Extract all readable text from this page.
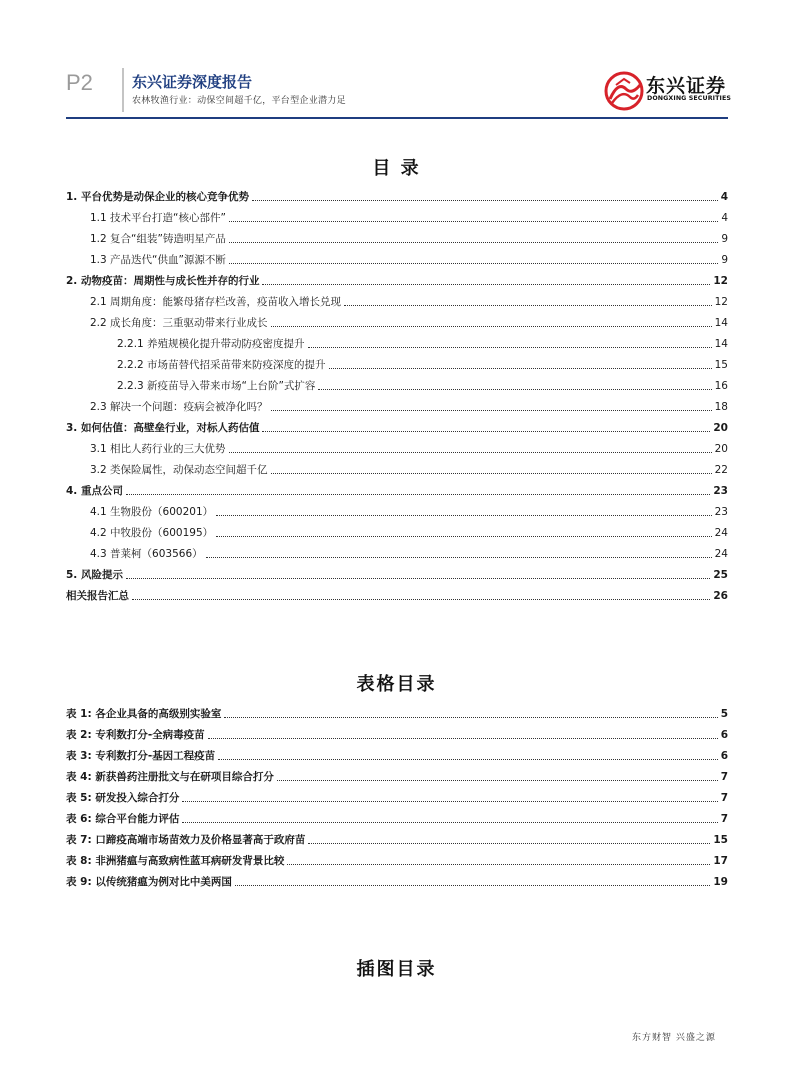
P2	东兴证券深度报告
农林牧渔行业：动保空间超千亿，平台型企业潜力足
东兴证券
DONGXING SECURITIES
目 录
1. 平台优势是动保企业的核心竞争优势	4
1.1 技术平台打造“核心部件”	4
1.2 复合“组装”铸造明星产品	9
1.3 产品迭代“供血”源源不断	9
2. 动物疫苗：周期性与成长性并存的行业	12
2.1 周期角度：能繁母猪存栏改善，疫苗收入增长兑现	12
2.2 成长角度：三重驱动带来行业成长	14
2.2.1 养殖规模化提升带动防疫密度提升	14
2.2.2 市场苗替代招采苗带来防疫深度的提升	15
2.2.3 新疫苗导入带来市场“上台阶”式扩容	16
2.3 解决一个问题：疫病会被净化吗？	18
3. 如何估值：高壁垒行业，对标人药估值	20
3.1 相比人药行业的三大优势	20
3.2 类保险属性，动保动态空间超千亿	22
4. 重点公司	23
4.1 生物股份（600201）	23
4.2 中牧股份（600195）	24
4.3 普莱柯（603566）	24
5. 风险提示	25
相关报告汇总	26
表格目录
表 1: 各企业具备的高级别实验室	5
表 2: 专利数打分-全病毒疫苗	6
表 3: 专利数打分-基因工程疫苗	6
表 4: 新获兽药注册批文与在研项目综合打分	7
表 5: 研发投入综合打分	7
表 6: 综合平台能力评估	7
表 7: 口蹄疫高端市场苗效力及价格显著高于政府苗	15
表 8: 非洲猪瘟与高致病性蓝耳病研发背景比较	17
表 9: 以传统猪瘟为例对比中美两国	19
插图目录
东方财智 兴盛之源
